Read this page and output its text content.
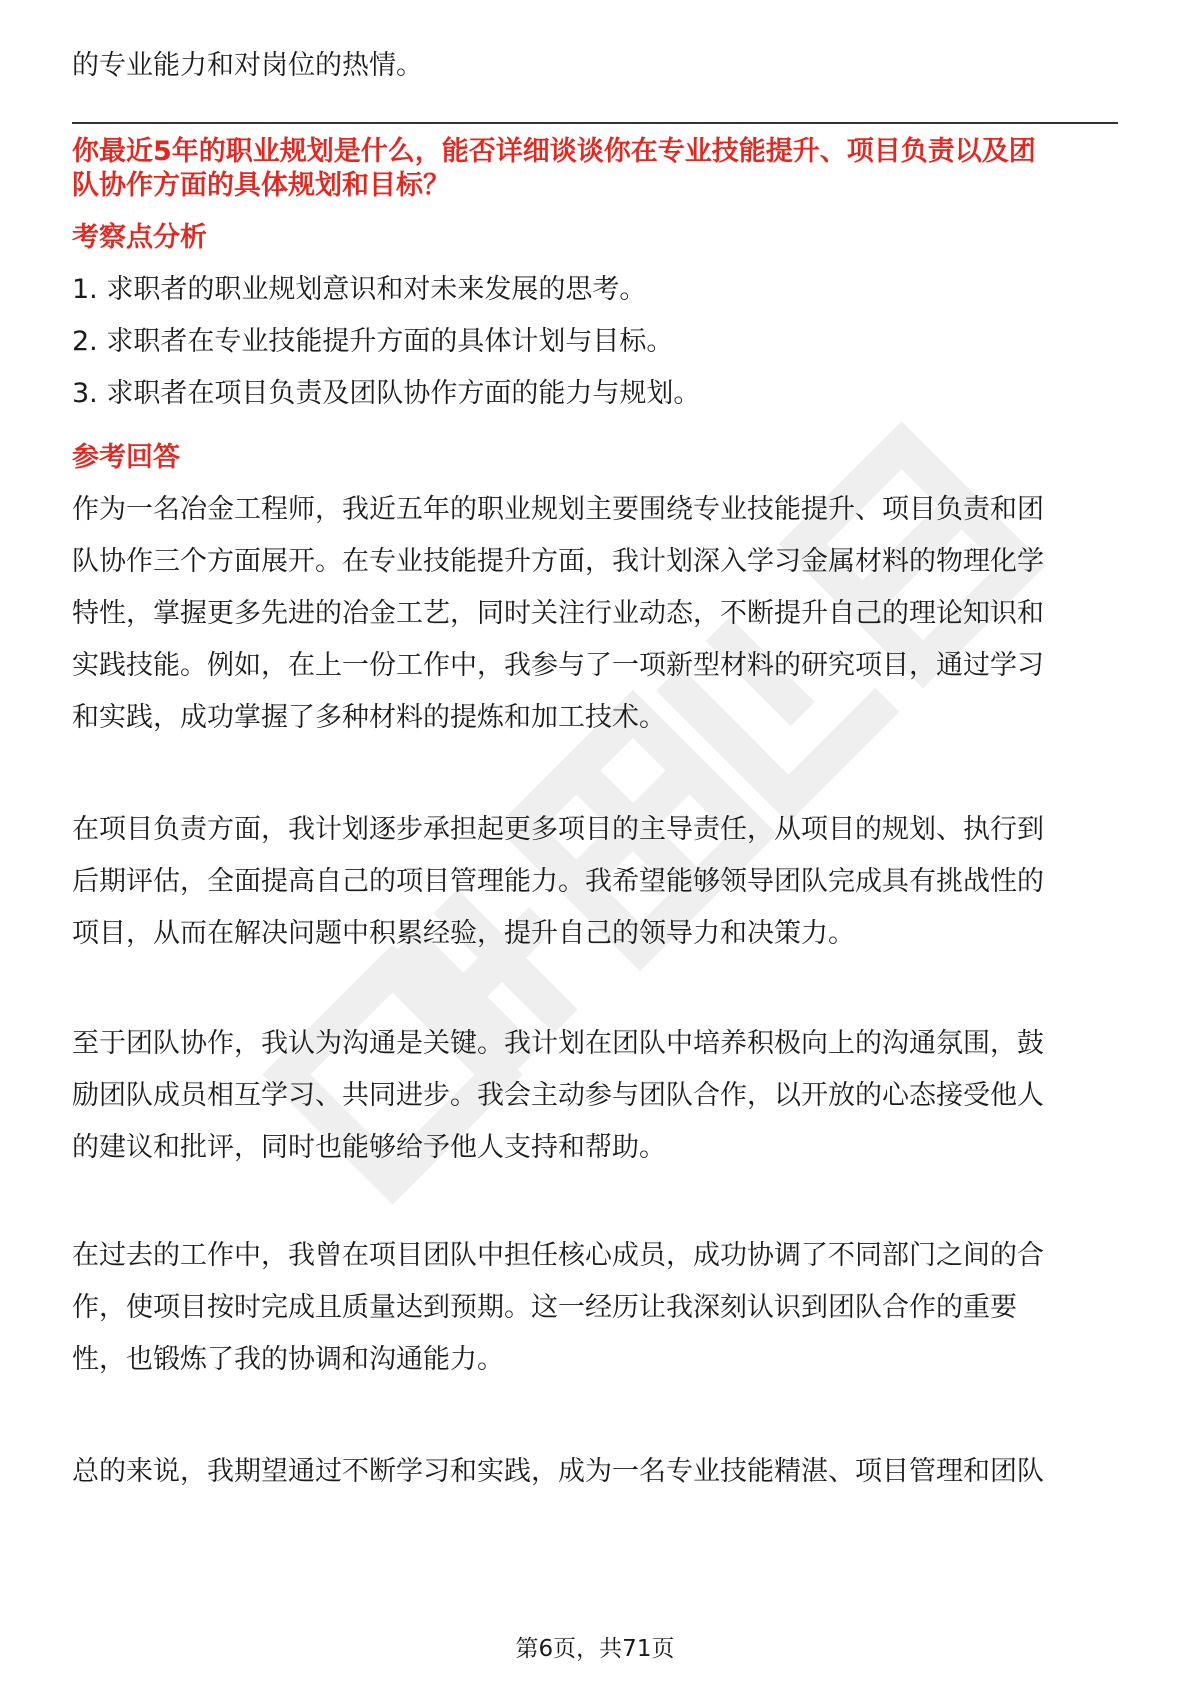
的专业能力和对岗位的热情。
你最近5年的职业规划是什么，能否详细谈谈你在专业技能提升、项目负责以及团
队协作方面的具体规划和目标？
考察点分析
1. 求职者的职业规划意识和对未来发展的思考。
2. 求职者在专业技能提升方面的具体计划与目标。
3. 求职者在项目负责及团队协作方面的能力与规划。
参考回答
作为一名冶金工程师，我近五年的职业规划主要围绕专业技能提升、项目负责和团
队协作三个方面展开。在专业技能提升方面，我计划深入学习金属材料的物理化学
特性，掌握更多先进的冶金工艺，同时关注行业动态，不断提升自己的理论知识和
实践技能。例如，在上一份工作中，我参与了一项新型材料的研究项目，通过学习
和实践，成功掌握了多种材料的提炼和加工技术。
在项目负责方面，我计划逐步承担起更多项目的主导责任，从项目的规划、执行到
后期评估，全面提高自己的项目管理能力。我希望能够领导团队完成具有挑战性的
项目，从而在解决问题中积累经验，提升自己的领导力和决策力。
至于团队协作，我认为沟通是关键。我计划在团队中培养积极向上的沟通氛围，鼓
励团队成员相互学习、共同进步。我会主动参与团队合作，以开放的心态接受他人
的建议和批评，同时也能够给予他人支持和帮助。
在过去的工作中，我曾在项目团队中担任核心成员，成功协调了不同部门之间的合
作，使项目按时完成且质量达到预期。这一经历让我深刻认识到团队合作的重要
性，也锻炼了我的协调和沟通能力。
总的来说，我期望通过不断学习和实践，成为一名专业技能精湛、项目管理和团队
第6页，共71页
